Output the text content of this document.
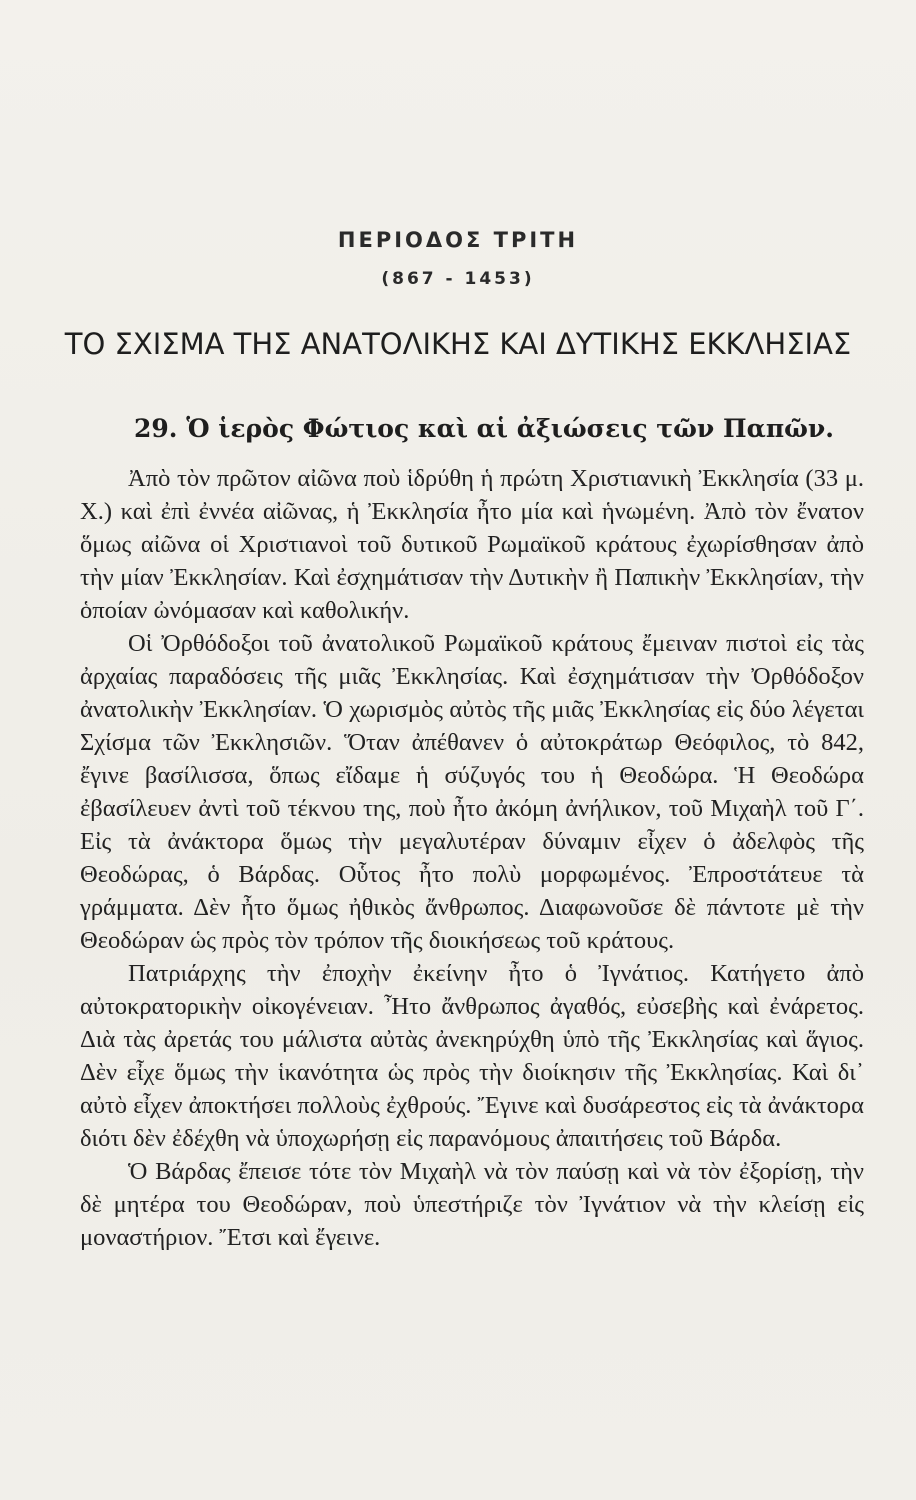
ΠΕΡΙΟΔΟΣ ΤΡΙΤΗ
(867 - 1453)
ΤΟ ΣΧΙΣΜΑ ΤΗΣ ΑΝΑΤΟΛΙΚΗΣ ΚΑΙ ΔΥΤΙΚΗΣ ΕΚΚΛΗΣΙΑΣ
29. Ὁ ἱερὸς Φώτιος καὶ αἱ ἀξιώσεις τῶν Παπῶν.

Ἀπὸ τὸν πρῶτον αἰῶνα ποὺ ἱδρύθη ἡ πρώτη Χριστιανικὴ Ἐκκλησία (33 μ. Χ.) καὶ ἐπὶ ἐννέα αἰῶνας, ἡ Ἐκκλησία ἦτο μία καὶ ἡνωμένη. Ἀπὸ τὸν ἔνατον ὅμως αἰῶνα οἱ Χριστιανοὶ τοῦ δυτικοῦ Ρωμαϊκοῦ κράτους ἐχωρίσθησαν ἀπὸ τὴν μίαν Ἐκκλησίαν. Καὶ ἐσχημάτισαν τὴν Δυτικὴν ἢ Παπικὴν Ἐκκλησίαν, τὴν ὁποίαν ὠνόμασαν καὶ καθολικήν.

Οἱ Ὀρθόδοξοι τοῦ ἀνατολικοῦ Ρωμαϊκοῦ κράτους ἔμειναν πιστοὶ εἰς τὰς ἀρχαίας παραδόσεις τῆς μιᾶς Ἐκκλησίας. Καὶ ἐσχημάτισαν τὴν Ὀρθόδοξον ἀνατολικὴν Ἐκκλησίαν. Ὁ χωρισμὸς αὐτὸς τῆς μιᾶς Ἐκκλησίας εἰς δύο λέγεται Σχίσμα τῶν Ἐκκλησιῶν. Ὅταν ἀπέθανεν ὁ αὐτοκράτωρ Θεόφιλος, τὸ 842, ἔγινε βασίλισσα, ὅπως εἴδαμε ἡ σύζυγός του ἡ Θεοδώρα. Ἡ Θεοδώρα ἐβασίλευεν ἀντὶ τοῦ τέκνου της, ποὺ ἦτο ἀκόμη ἀνήλικον, τοῦ Μιχαὴλ τοῦ Γ΄. Εἰς τὰ ἀνάκτορα ὅμως τὴν μεγαλυτέραν δύναμιν εἶχεν ὁ ἀδελφὸς τῆς Θεοδώρας, ὁ Βάρδας. Οὗτος ἦτο πολὺ μορφωμένος. Ἐπροστάτευε τὰ γράμματα. Δὲν ἦτο ὅμως ἠθικὸς ἄνθρωπος. Διαφωνοῦσε δὲ πάντοτε μὲ τὴν Θεοδώραν ὡς πρὸς τὸν τρόπον τῆς διοικήσεως τοῦ κράτους.

Πατριάρχης τὴν ἐποχὴν ἐκείνην ἦτο ὁ Ἰγνάτιος. Κατήγετο ἀπὸ αὐτοκρατορικὴν οἰκογένειαν. Ἦτο ἄνθρωπος ἀγαθός, εὐσεβὴς καὶ ἐνάρετος. Διὰ τὰς ἀρετάς του μάλιστα αὐτὰς ἀνεκηρύχθη ὑπὸ τῆς Ἐκκλησίας καὶ ἅγιος. Δὲν εἶχε ὅμως τὴν ἱκανότητα ὡς πρὸς τὴν διοίκησιν τῆς Ἐκκλησίας. Καὶ δι᾽ αὐτὸ εἶχεν ἀποκτήσει πολλοὺς ἐχθρούς. Ἔγινε καὶ δυσάρεστος εἰς τὰ ἀνάκτορα διότι δὲν ἐδέχθη νὰ ὑποχωρήσῃ εἰς παρανόμους ἀπαιτήσεις τοῦ Βάρδα.

Ὁ Βάρδας ἔπεισε τότε τὸν Μιχαὴλ νὰ τὸν παύσῃ καὶ νὰ τὸν ἐξορίσῃ, τὴν δὲ μητέρα του Θεοδώραν, ποὺ ὑπεστήριζε τὸν Ἰγνάτιον νὰ τὴν κλείσῃ εἰς μοναστήριον. Ἔτσι καὶ ἔγεινε.
